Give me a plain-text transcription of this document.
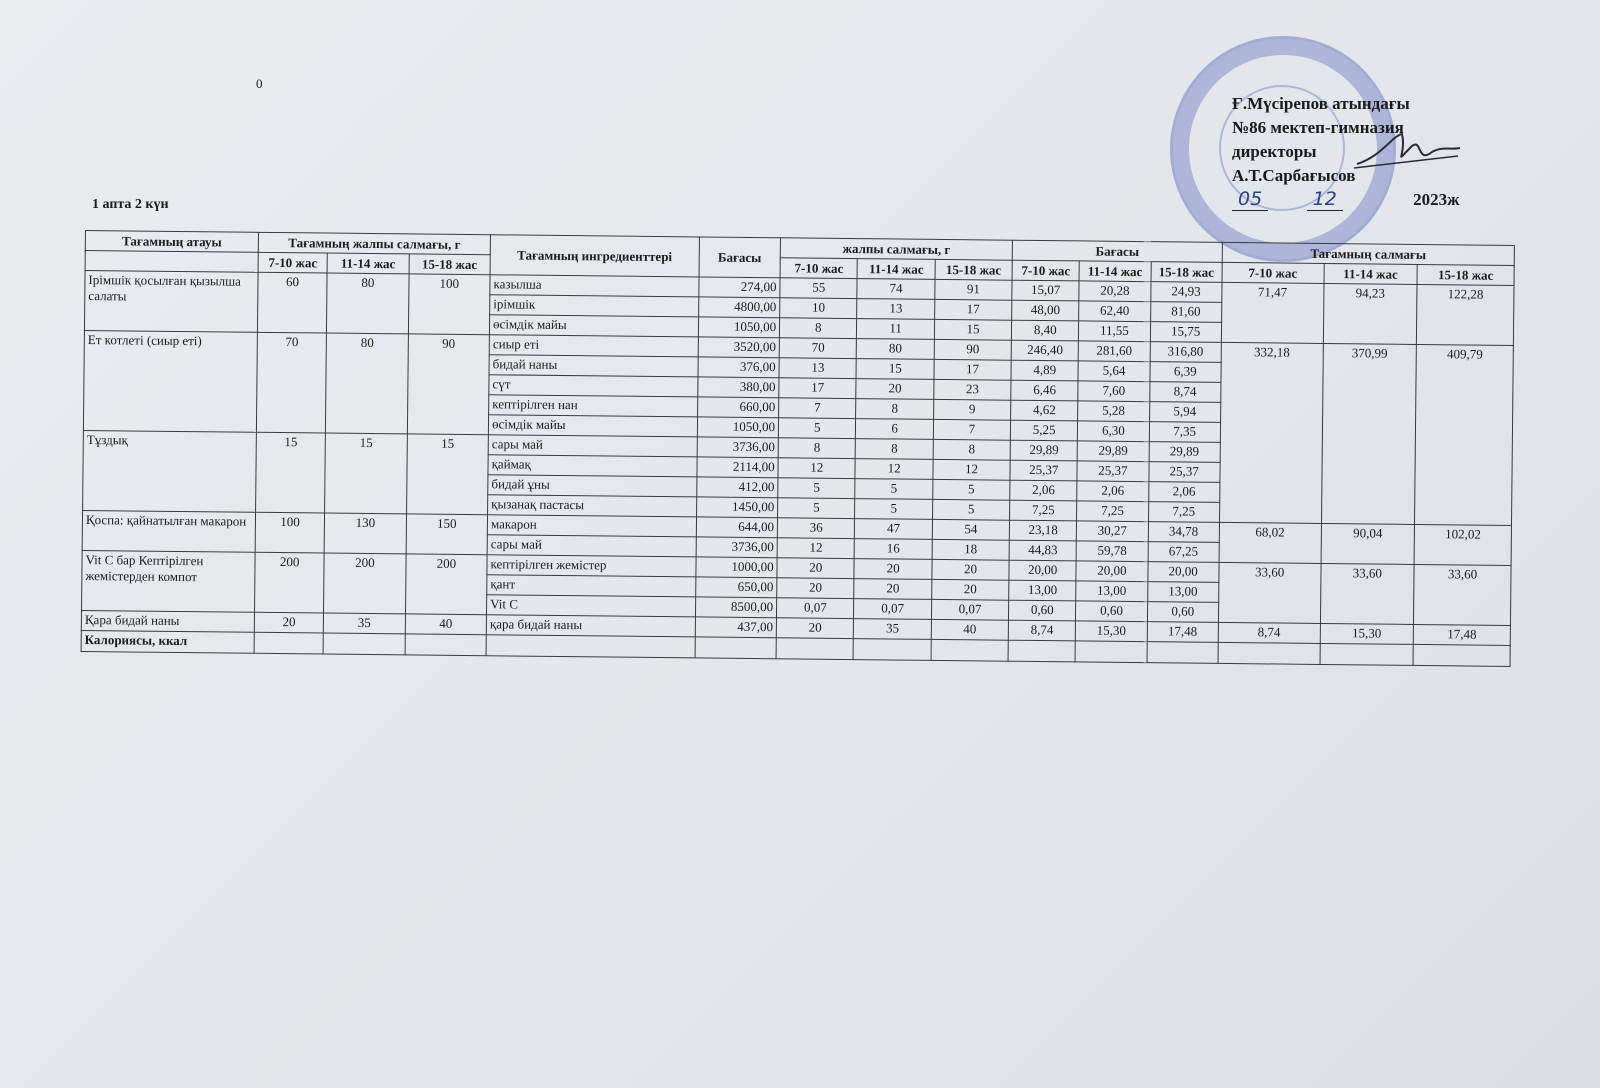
0
1 апта 2 күн
Ғ.Мүсірепов атындағы
№86 мектеп-гимназия
директоры
А.Т.Сарбағысов
05	12	2023ж
Тағамның атауы	Тағамның жалпы салмағы, г			Тағамның ингредиенттері	Бағасы	жалпы салмағы, г			Бағасы			Тағамның салмағы		
	7-10 жас	11-14 жас	15-18 жас											
						7-10 жас	11-14 жас	15-18 жас	7-10 жас	11-14 жас	15-18 жас	7-10 жас	11-14 жас	15-18 жас
Ірімшік қосылған қызылша салаты	60	80	100	казылша	274,00	55	74	91	15,07	20,28	24,93	71,47	94,23	122,28
				ірімшік	4800,00	10	13	17	48,00	62,40	81,60			
				өсімдік майы	1050,00	8	11	15	8,40	11,55	15,75			
Ет котлеті (сиыр еті)	70	80	90	сиыр еті	3520,00	70	80	90	246,40	281,60	316,80	332,18	370,99	409,79
				бидай наны	376,00	13	15	17	4,89	5,64	6,39			
				сүт	380,00	17	20	23	6,46	7,60	8,74			
				кептірілген нан	660,00	7	8	9	4,62	5,28	5,94			
				өсімдік майы	1050,00	5	6	7	5,25	6,30	7,35			
Тұздық	15	15	15	сары май	3736,00	8	8	8	29,89	29,89	29,89			
				қаймақ	2114,00	12	12	12	25,37	25,37	25,37			
				бидай ұны	412,00	5	5	5	2,06	2,06	2,06			
				қызанақ пастасы	1450,00	5	5	5	7,25	7,25	7,25			
Қоспа: қайнатылған макарон	100	130	150	макарон	644,00	36	47	54	23,18	30,27	34,78	68,02	90,04	102,02
				сары май	3736,00	12	16	18	44,83	59,78	67,25			
Vit C бар Кептірілген жемістерден компот	200	200	200	кептірілген жемістер	1000,00	20	20	20	20,00	20,00	20,00	33,60	33,60	33,60
				қант	650,00	20	20	20	13,00	13,00	13,00			
				Vit C	8500,00	0,07	0,07	0,07	0,60	0,60	0,60			
Қара бидай наны	20	35	40	қара бидай наны	437,00	20	35	40	8,74	15,30	17,48	8,74	15,30	17,48
Калориясы, ккал														
